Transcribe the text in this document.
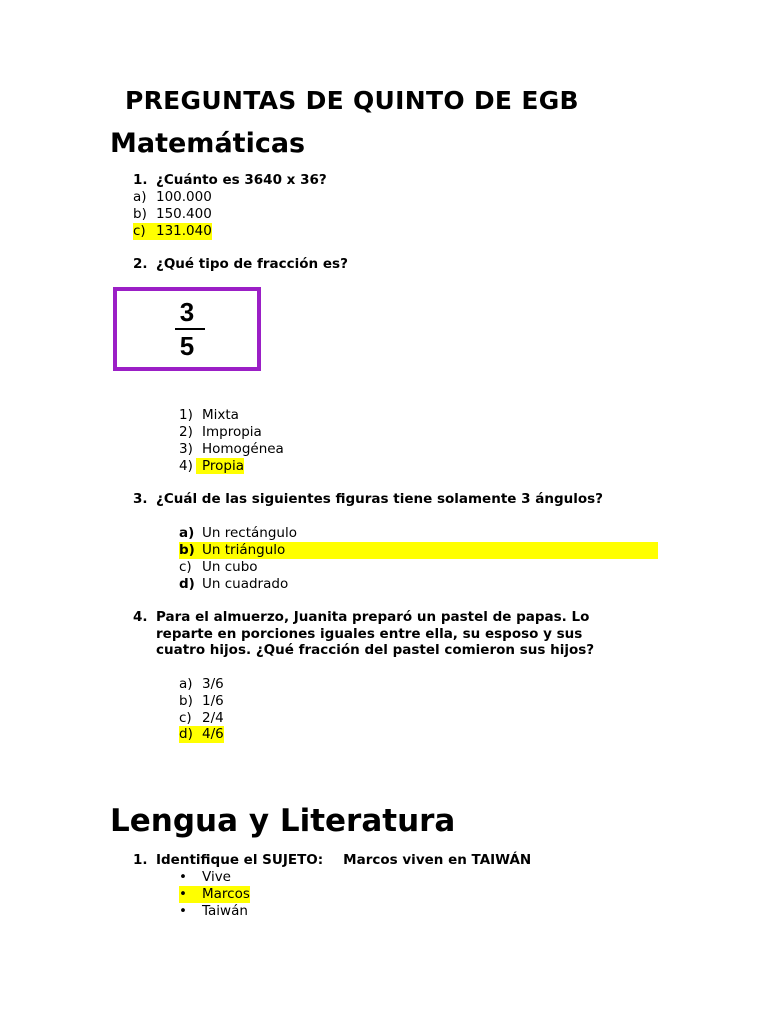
PREGUNTAS DE QUINTO DE EGB
Matemáticas
1. ¿Cuánto es 3640 x 36?
a) 100.000
b) 150.400
c) 131.040
2. ¿Qué tipo de fracción es?
3
5
1) Mixta
2) Impropia
3) Homogénea
4) Propia
3. ¿Cuál de las siguientes figuras tiene solamente 3 ángulos?
a) Un rectángulo
b) Un triángulo
c) Un cubo
d) Un cuadrado
4. Para el almuerzo, Juanita preparó un pastel de papas. Lo
reparte en porciones iguales entre ella, su esposo y sus
cuatro hijos. ¿Qué fracción del pastel comieron sus hijos?
a) 3/6
b) 1/6
c) 2/4
d) 4/6
Lengua y Literatura
1. Identifique el SUJETO: Marcos viven en TAIWÁN
• Vive
• Marcos
• Taiwán
